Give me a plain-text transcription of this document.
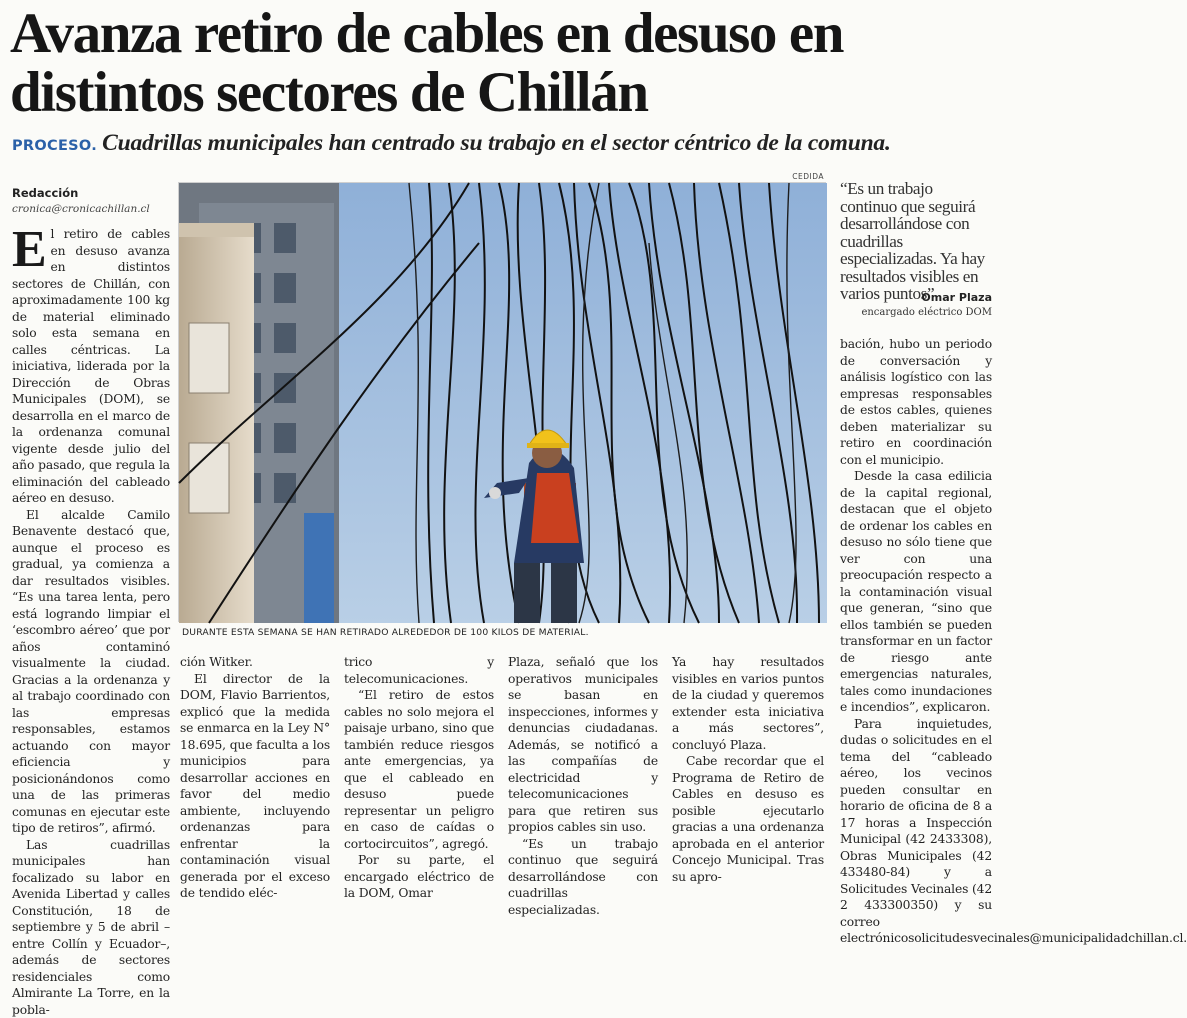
Avanza retiro de cables en desuso en
distintos sectores de Chillán
PROCESO. Cuadrillas municipales han centrado su trabajo en el sector céntrico de la comuna.
Redacción
cronica@cronicachillan.cl

El retiro de cables en desuso avanza en distintos sectores de Chillán, con aproximadamente 100 kg de material eliminado solo esta semana en calles céntricas. La iniciativa, liderada por la Dirección de Obras Municipales (DOM), se desarrolla en el marco de la ordenanza comunal vigente desde julio del año pasado, que regula la eliminación del cableado aéreo en desuso.

El alcalde Camilo Benavente destacó que, aunque el proceso es gradual, ya comienza a dar resultados visibles. “Es una tarea lenta, pero está logrando limpiar el ‘escombro aéreo’ que por años contaminó visualmente la ciudad. Gracias a la ordenanza y al trabajo coordinado con las empresas responsables, estamos actuando con mayor eficiencia y posicionándonos como una de las primeras comunas en ejecutar este tipo de retiros”, afirmó.

Las cuadrillas municipales han focalizado su labor en Avenida Libertad y calles Constitución, 18 de septiembre y 5 de abril –entre Collín y Ecuador–, además de sectores residenciales como Almirante La Torre, en la pobla-

CEDIDA
DURANTE ESTA SEMANA SE HAN RETIRADO ALREDEDOR DE 100 KILOS DE MATERIAL.
“Es un trabajo continuo que seguirá desarrollándose con cuadrillas especializadas. Ya hay resultados visibles en varios puntos”
Omar Plaza
encargado eléctrico DOM

bación, hubo un periodo de conversación y análisis logístico con las empresas responsables de estos cables, quienes deben materializar su retiro en coordinación con el municipio.

Desde la casa edilicia de la capital regional, destacan que el objeto de ordenar los cables en desuso no sólo tiene que ver con una preocupación respecto a la contaminación visual que generan, “sino que ellos también se pueden transformar en un factor de riesgo ante emergencias naturales, tales como inundaciones e incendios”, explicaron.

Para inquietudes, dudas o solicitudes en el tema del “cableado aéreo, los vecinos pueden consultar en horario de oficina de 8 a 17 horas a Inspección Municipal (42 2433308), Obras Municipales (42 433480-84) y a Solicitudes Vecinales (42 2 433300350) y su correo electrónicosolicitudesvecinales@municipalidadchillan.cl.

ción Witker.

El director de la DOM, Flavio Barrientos, explicó que la medida se enmarca en la Ley N° 18.695, que faculta a los municipios para desarrollar acciones en favor del medio ambiente, incluyendo ordenanzas para enfrentar la contaminación visual generada por el exceso de tendido eléc-

trico y telecomunicaciones.

“El retiro de estos cables no solo mejora el paisaje urbano, sino que también reduce riesgos ante emergencias, ya que el cableado en desuso puede representar un peligro en caso de caídas o cortocircuitos”, agregó.

Por su parte, el encargado eléctrico de la DOM, Omar

Plaza, señaló que los operativos municipales se basan en inspecciones, informes y denuncias ciudadanas. Además, se notificó a las compañías de electricidad y telecomunicaciones para que retiren sus propios cables sin uso.

“Es un trabajo continuo que seguirá desarrollándose con cuadrillas especializadas.

Ya hay resultados visibles en varios puntos de la ciudad y queremos extender esta iniciativa a más sectores”, concluyó Plaza.

Cabe recordar que el Programa de Retiro de Cables en desuso es posible ejecutarlo gracias a una ordenanza aprobada en el anterior Concejo Municipal. Tras su apro-
